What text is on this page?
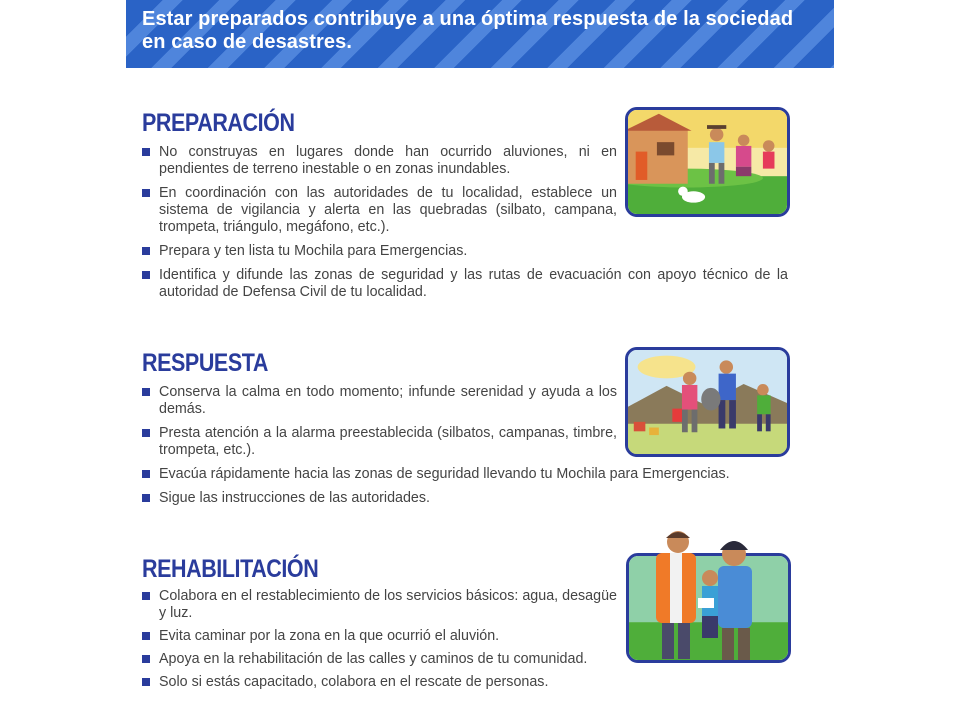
Estar preparados contribuye a una óptima respuesta de la sociedad
en caso de desastres.
PREPARACIÓN
No construyas en lugares donde han ocurrido aluviones, ni en pendientes de terreno inestable o en zonas inundables.
En coordinación con las autoridades de tu localidad, establece un sistema de vigilancia y alerta en las quebradas (silbato, campana, trompeta, triángulo, megáfono, etc.).
Prepara y ten lista tu Mochila para Emergencias.
Identifica y difunde las zonas de seguridad y las rutas de evacuación con apoyo técnico de la autoridad de Defensa Civil de tu localidad.
RESPUESTA
Conserva la calma en todo momento; infunde serenidad y ayuda a los demás.
Presta atención a la alarma preestablecida (silbatos, campanas, timbre, trompeta, etc.).
Evacúa rápidamente hacia las zonas de seguridad llevando tu Mochila para Emergencias.
Sigue las instrucciones de las autoridades.
REHABILITACIÓN
Colabora en el restablecimiento de los servicios básicos: agua, desagüe y luz.
Evita caminar por la zona en la que ocurrió el aluvión.
Apoya en la rehabilitación de las calles y caminos de tu comunidad.
Solo si estás capacitado, colabora en el rescate de personas.
